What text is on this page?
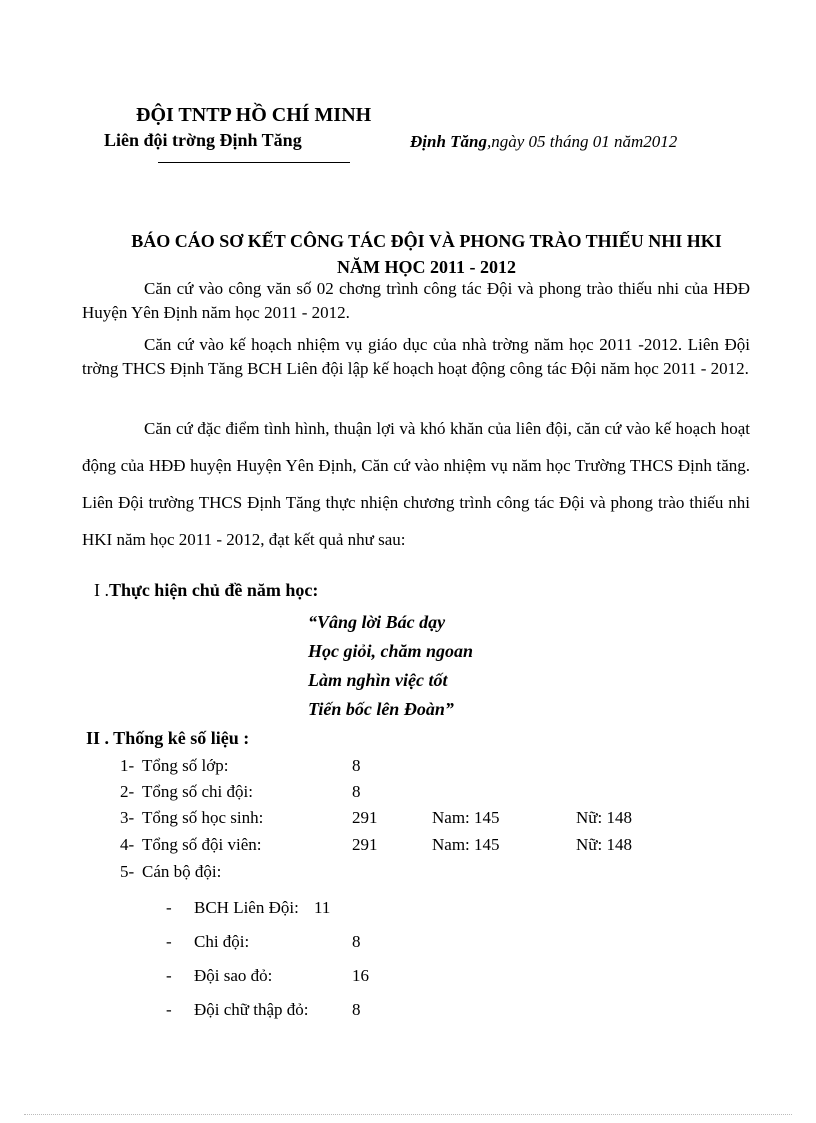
ĐỘI TNTP HỒ CHÍ MINH
Liên đội trờng Định Tăng	Định Tăng,ngày 05 tháng 01 năm2012
BÁO CÁO SƠ KẾT CÔNG TÁC ĐỘI VÀ PHONG TRÀO THIẾU NHI HKI
NĂM HỌC 2011 - 2012
Căn cứ vào công văn số 02 chơng trình công tác Đội và phong trào thiếu nhi của HĐĐ Huyện Yên Định năm học 2011 - 2012.
Căn cứ vào kế hoạch nhiệm vụ giáo dục của nhà trờng năm học 2011 -2012. Liên Đội trờng THCS Định Tăng BCH Liên đội lập kế hoạch hoạt động công tác Đội năm học 2011 - 2012.
Căn cứ đặc điểm tình hình, thuận lợi và khó khăn của liên đội, căn cứ vào kế hoạch hoạt động của HĐĐ huyện Huyện Yên Định, Căn cứ vào nhiệm vụ năm học Trường THCS Định tăng. Liên Đội trường THCS Định Tăng thực nhiện chương trình công tác Đội và phong trào thiếu nhi HKI năm học 2011 - 2012, đạt kết quả như sau:
I .Thực hiện chủ đề năm học:
“Vâng lời Bác dạy
Học giỏi, chăm ngoan
Làm nghìn việc tốt
Tiến bốc lên Đoàn”
II . Thống kê số liệu :
1- Tổng số lớp:	8
2- Tổng số chi đội:	8
3- Tổng số học sinh:	291	Nam: 145	Nữ: 148
4- Tổng số đội viên:	291	Nam: 145	Nữ: 148
5- Cán bộ đội:
- BCH Liên Đội: 11
- Chi đội:	8
- Đội sao đỏ:	16
- Đội chữ thập đỏ:	8
